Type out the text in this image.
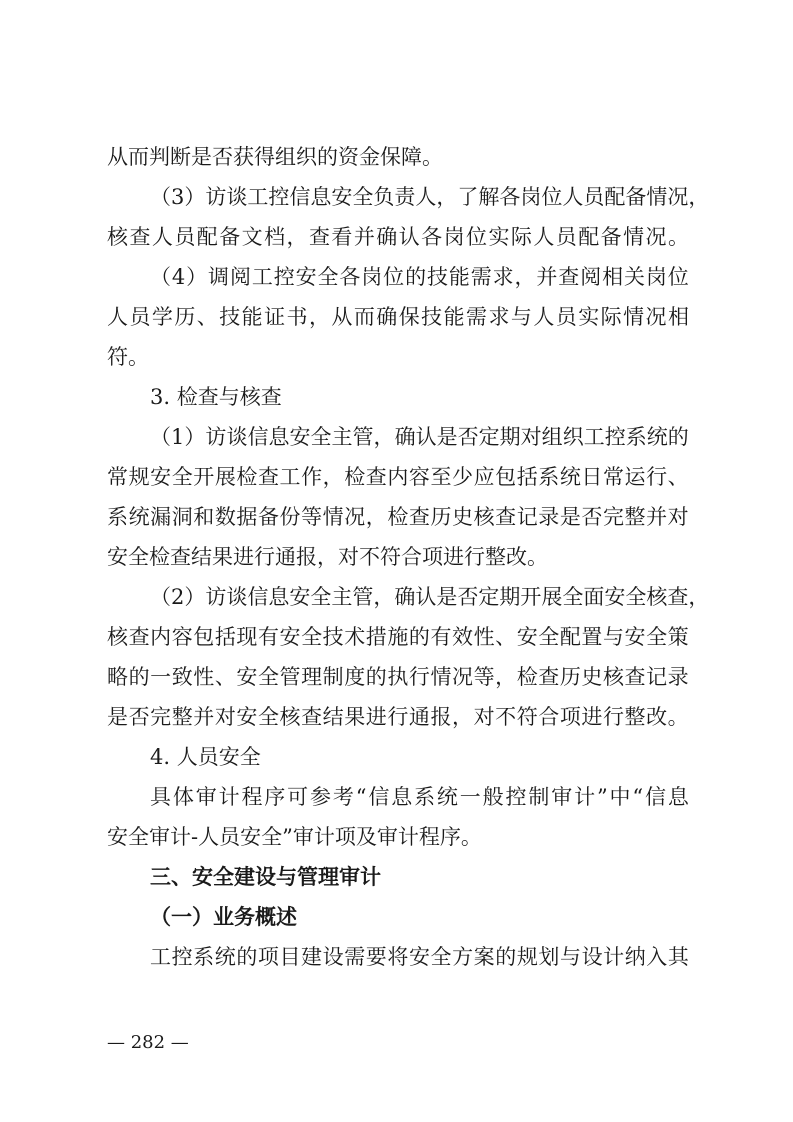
从而判断是否获得组织的资金保障。
（ 3 ） 访 谈 工 控 信 息 安 全 负 责 人 ， 了 解 各 岗 位 人 员 配 备 情 况 ，
核 查 人 员 配 备 文 档 ， 查 看 并 确 认 各 岗 位 实 际 人 员 配 备 情 况 。
（ 4 ） 调 阅 工 控 安 全 各 岗 位 的 技 能 需 求 ， 并 查 阅 相 关 岗 位
人 员 学 历 、 技 能 证 书 ， 从 而 确 保 技 能 需 求 与 人 员 实 际 情 况 相
符。
3. 检查与核查
（ 1 ） 访 谈 信 息 安 全 主 管 ， 确 认 是 否 定 期 对 组 织 工 控 系 统 的
常 规 安 全 开 展 检 查 工 作 ， 检 查 内 容 至 少 应 包 括 系 统 日 常 运 行 、
系 统 漏 洞 和 数 据 备 份 等 情 况 ， 检 查 历 史 核 查 记 录 是 否 完 整 并 对
安全检查结果进行通报，对不符合项进行整改。
（ 2 ） 访 谈 信 息 安 全 主 管 ， 确 认 是 否 定 期 开 展 全 面 安 全 核 查 ，
核 查 内 容 包 括 现 有 安 全 技 术 措 施 的 有 效 性 、 安 全 配 置 与 安 全 策
略 的 一 致 性 、 安 全 管 理 制 度 的 执 行 情 况 等 ， 检 查 历 史 核 查 记 录
是 否 完 整 并 对 安 全 核 查 结 果 进 行 通 报 ， 对 不 符 合 项 进 行 整 改 。
4. 人员安全
具 体 审 计 程 序 可 参 考 “ 信 息 系 统 一 般 控 制 审 计 ” 中 “ 信 息
安全审计-人员安全”审计项及审计程序。
三、安全建设与管理审计
（一）业务概述
工 控 系 统 的 项 目 建 设 需 要 将 安 全 方 案 的 规 划 与 设 计 纳 入 其
— 282 —
